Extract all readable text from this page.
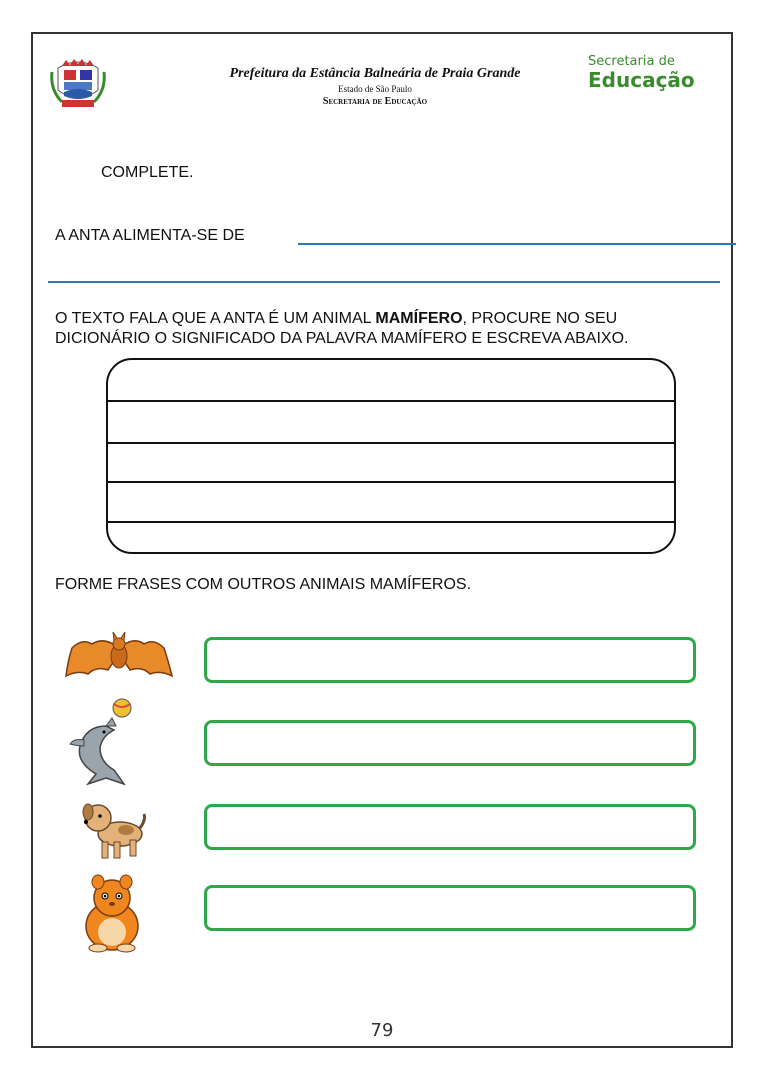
Prefeitura da Estância Balneária de Praia Grande
Estado de São Paulo
Secretaria de Educação
Secretaria de
Educação
COMPLETE.
A ANTA ALIMENTA-SE DE
O TEXTO FALA QUE A ANTA É UM ANIMAL MAMÍFERO, PROCURE NO SEU
DICIONÁRIO O SIGNIFICADO DA PALAVRA MAMÍFERO E ESCREVA ABAIXO.
FORME FRASES COM OUTROS ANIMAIS MAMÍFEROS.
79
